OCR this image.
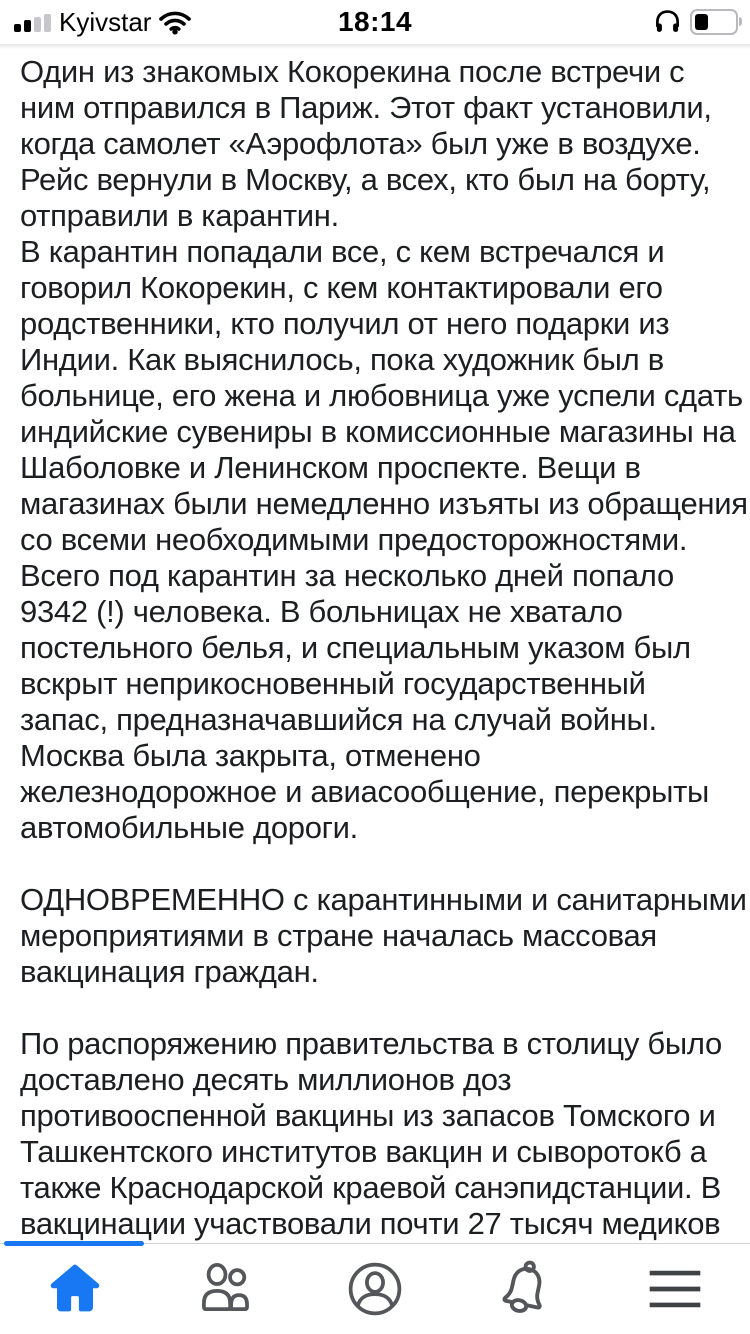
Kyivstar	18:14

Один из знакомых Кокорекина после встречи с
ним отправился в Париж. Этот факт установили,
когда самолет «Аэрофлота» был уже в воздухе.
Рейс вернули в Москву, а всех, кто был на борту,
отправили в карантин.

В карантин попадали все, с кем встречался и
говорил Кокорекин, с кем контактировали его
родственники, кто получил от него подарки из
Индии. Как выяснилось, пока художник был в
больнице, его жена и любовница уже успели сдать
индийские сувениры в комиссионные магазины на
Шаболовке и Ленинском проспекте. Вещи в
магазинах были немедленно изъяты из обращения
со всеми необходимыми предосторожностями.
Всего под карантин за несколько дней попало
9342 (!) человека. В больницах не хватало
постельного белья, и специальным указом был
вскрыт неприкосновенный государственный
запас, предназначавшийся на случай войны.
Москва была закрыта, отменено
железнодорожное и авиасообщение, перекрыты
автомобильные дороги.

ОДНОВРЕМЕННО с карантинными и санитарными
мероприятиями в стране началась массовая
вакцинация граждан.

По распоряжению правительства в столицу было
доставлено десять миллионов доз
противооспенной вакцины из запасов Томского и
Ташкентского институтов вакцин и сыворотокб а
также Краснодарской краевой санэпидстанции. В
вакцинации участвовали почти 27 тысяч медиков
